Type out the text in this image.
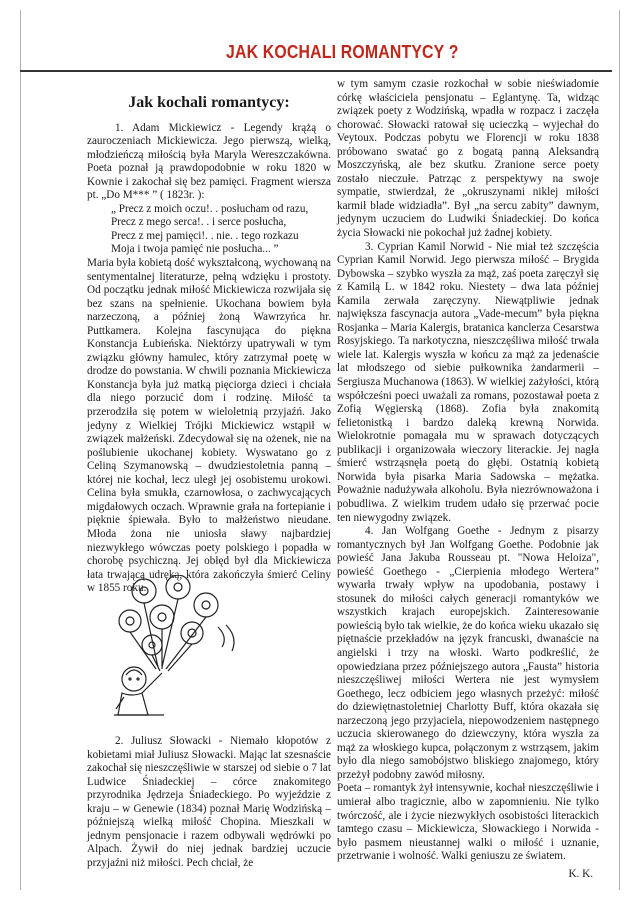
JAK KOCHALI ROMANTYCY ?

Jak kochali romantycy:

1. Adam Mickiewicz - Legendy krążą o zauroczeniach Mickiewicza. Jego pierwszą, wielką, młodzieńczą miłością była Maryla Wereszczakówna. Poeta poznał ją prawdopodobnie w roku 1820 w Kownie i zakochał się bez pamięci. Fragment wiersza pt. „Do M*** ” ( 1823r. ):

„ Precz z moich oczu!. . posłucham od razu,

Precz z mego serca!. . i serce posłucha,

Precz z mej pamięci!. . nie. . tego rozkazu

Moja i twoja pamięć nie posłucha... ”

Maria była kobietą dość wykształconą, wychowaną na sentymentalnej literaturze, pełną wdzięku i prostoty. Od początku jednak miłość Mickiewicza rozwijała się bez szans na spełnienie. Ukochana bowiem była narzeczoną, a później żoną Wawrzyńca hr. Puttkamera. Kolejna fascynująca do piękna Konstancja Łubieńska. Niektórzy upatrywali w tym związku główny hamulec, który zatrzymał poetę w drodze do powstania. W chwili poznania Mickiewicza Konstancja była już matką pięciorga dzieci i chciała dla niego porzucić dom i rodzinę. Miłość ta przerodziła się potem w wieloletnią przyjaźń. Jako jedyny z Wielkiej Trójki Mickiewicz wstąpił w związek małżeński. Zdecydował się na ożenek, nie na poślubienie ukochanej kobiety. Wyswatano go z Celiną Szymanowską – dwudziestoletnia panną – której nie kochał, lecz uległ jej osobistemu urokowi. Celina była smukła, czarnowłosa, o zachwycających migdałowych oczach. Wprawnie grała na fortepianie i pięknie śpiewała. Było to małżeństwo nieudane. Młoda żona nie uniosła sławy najbardziej niezwykłego wówczas poety polskiego i popadła w chorobę psychiczną. Jej obłęd był dla Mickiewicza łata trwającą udręką, która zakończyła śmierć Celiny w 1855 roku.

2. Juliusz Słowacki - Niemało kłopotów z kobietami miał Juliusz Słowacki. Mając lat szesnaście zakochał się nieszczęśliwie w starszej od siebie o 7 lat Ludwice Śniadeckiej – córce znakomitego przyrodnika Jędrzeja Śniadeckiego. Po wyjeździe z kraju – w Genewie (1834) poznał Marię Wodzińską – późniejszą wielką miłość Chopina. Mieszkali w jednym pensjonacie i razem odbywali wędrówki po Alpach. Żywił do niej jednak bardziej uczucie przyjaźni niż miłości. Pech chciał, że

w tym samym czasie rozkochał w sobie nieświadomie córkę właściciela pensjonatu – Eglantynę. Ta, widząc związek poety z Wodzińską, wpadła w rozpacz i zaczęła chorować. Słowacki ratował się ucieczką – wyjechał do Veytoux. Podczas pobytu we Florencji w roku 1838 próbowano swatać go z bogatą panną Aleksandrą Moszczyńską, ale bez skutku. Zranione serce poety zostało nieczułe. Patrząc z perspektywy na swoje sympatie, stwierdzał, że „okruszynami niklej miłości karmił blade widziadła”. Był „na sercu zabity” dawnym, jedynym uczuciem do Ludwiki Śniadeckiej. Do końca życia Słowacki nie pokochał już żadnej kobiety.

3. Cyprian Kamil Norwid - Nie miał też szczęścia Cyprian Kamil Norwid. Jego pierwsza miłość – Brygida Dybowska – szybko wyszła za mąż, zaś poeta zaręczył się z Kamilą L. w 1842 roku. Niestety – dwa lata później Kamila zerwała zaręczyny. Niewątpliwie jednak największa fascynacja autora „Vade-mecum” była piękna Rosjanka – Maria Kalergis, bratanica kanclerza Cesarstwa Rosyjskiego. Ta narkotyczna, nieszczęśliwa miłość trwała wiele lat. Kalergis wyszła w końcu za mąż za jedenaście lat młodszego od siebie pułkownika żandarmerii – Sergiusza Muchanowa (1863). W wielkiej zażyłości, którą współcześni poeci uważali za romans, pozostawał poeta z Zofią Węgierską (1868). Zofia była znakomitą felietonistką i bardzo daleką krewną Norwida. Wielokrotnie pomagała mu w sprawach dotyczących publikacji i organizowała wieczory literackie. Jej nagła śmierć wstrząsnęła poetą do głębi. Ostatnią kobietą Norwida była pisarka Maria Sadowska – mężatka. Poważnie nadużywała alkoholu. Była niezrównoważona i pobudliwa. Z wielkim trudem udało się przerwać pocie ten niewygodny związek.

4. Jan Wolfgang Goethe - Jednym z pisarzy romantycznych był Jan Wolfgang Goethe. Podobnie jak powieść Jana Jakuba Rousseau pt. "Nowa Heloiza", powieść Goethego - „Cierpienia młodego Wertera” wywarła trwały wpływ na upodobania, postawy i stosunek do miłości całych generacji romantyków we wszystkich krajach europejskich. Zainteresowanie powieścią było tak wielkie, że do końca wieku ukazało się piętnaście przekładów na język francuski, dwanaście na angielski i trzy na włoski. Warto podkreślić, że opowiedziana przez późniejszego autora „Fausta” historia nieszczęśliwej miłości Wertera nie jest wymysłem Goethego, lecz odbiciem jego własnych przeżyć: miłość do dziewiętnastoletniej Charlotty Buff, która okazała się narzeczoną jego przyjaciela, niepowodzeniem następnego uczucia skierowanego do dziewczyny, która wyszła za mąż za włoskiego kupca, połączonym z wstrząsem, jakim było dla niego samobójstwo bliskiego znajomego, który przeżył podobny zawód miłosny.

Poeta – romantyk żył intensywnie, kochał nieszczęśliwie i umierał albo tragicznie, albo w zapomnieniu. Nie tylko twórczość, ale i życie niezwykłych osobistości literackich tamtego czasu – Mickiewicza, Słowackiego i Norwida - było pasmem nieustannej walki o miłość i uznanie, przetrwanie i wolność. Walki geniuszu ze światem.

K. K.
